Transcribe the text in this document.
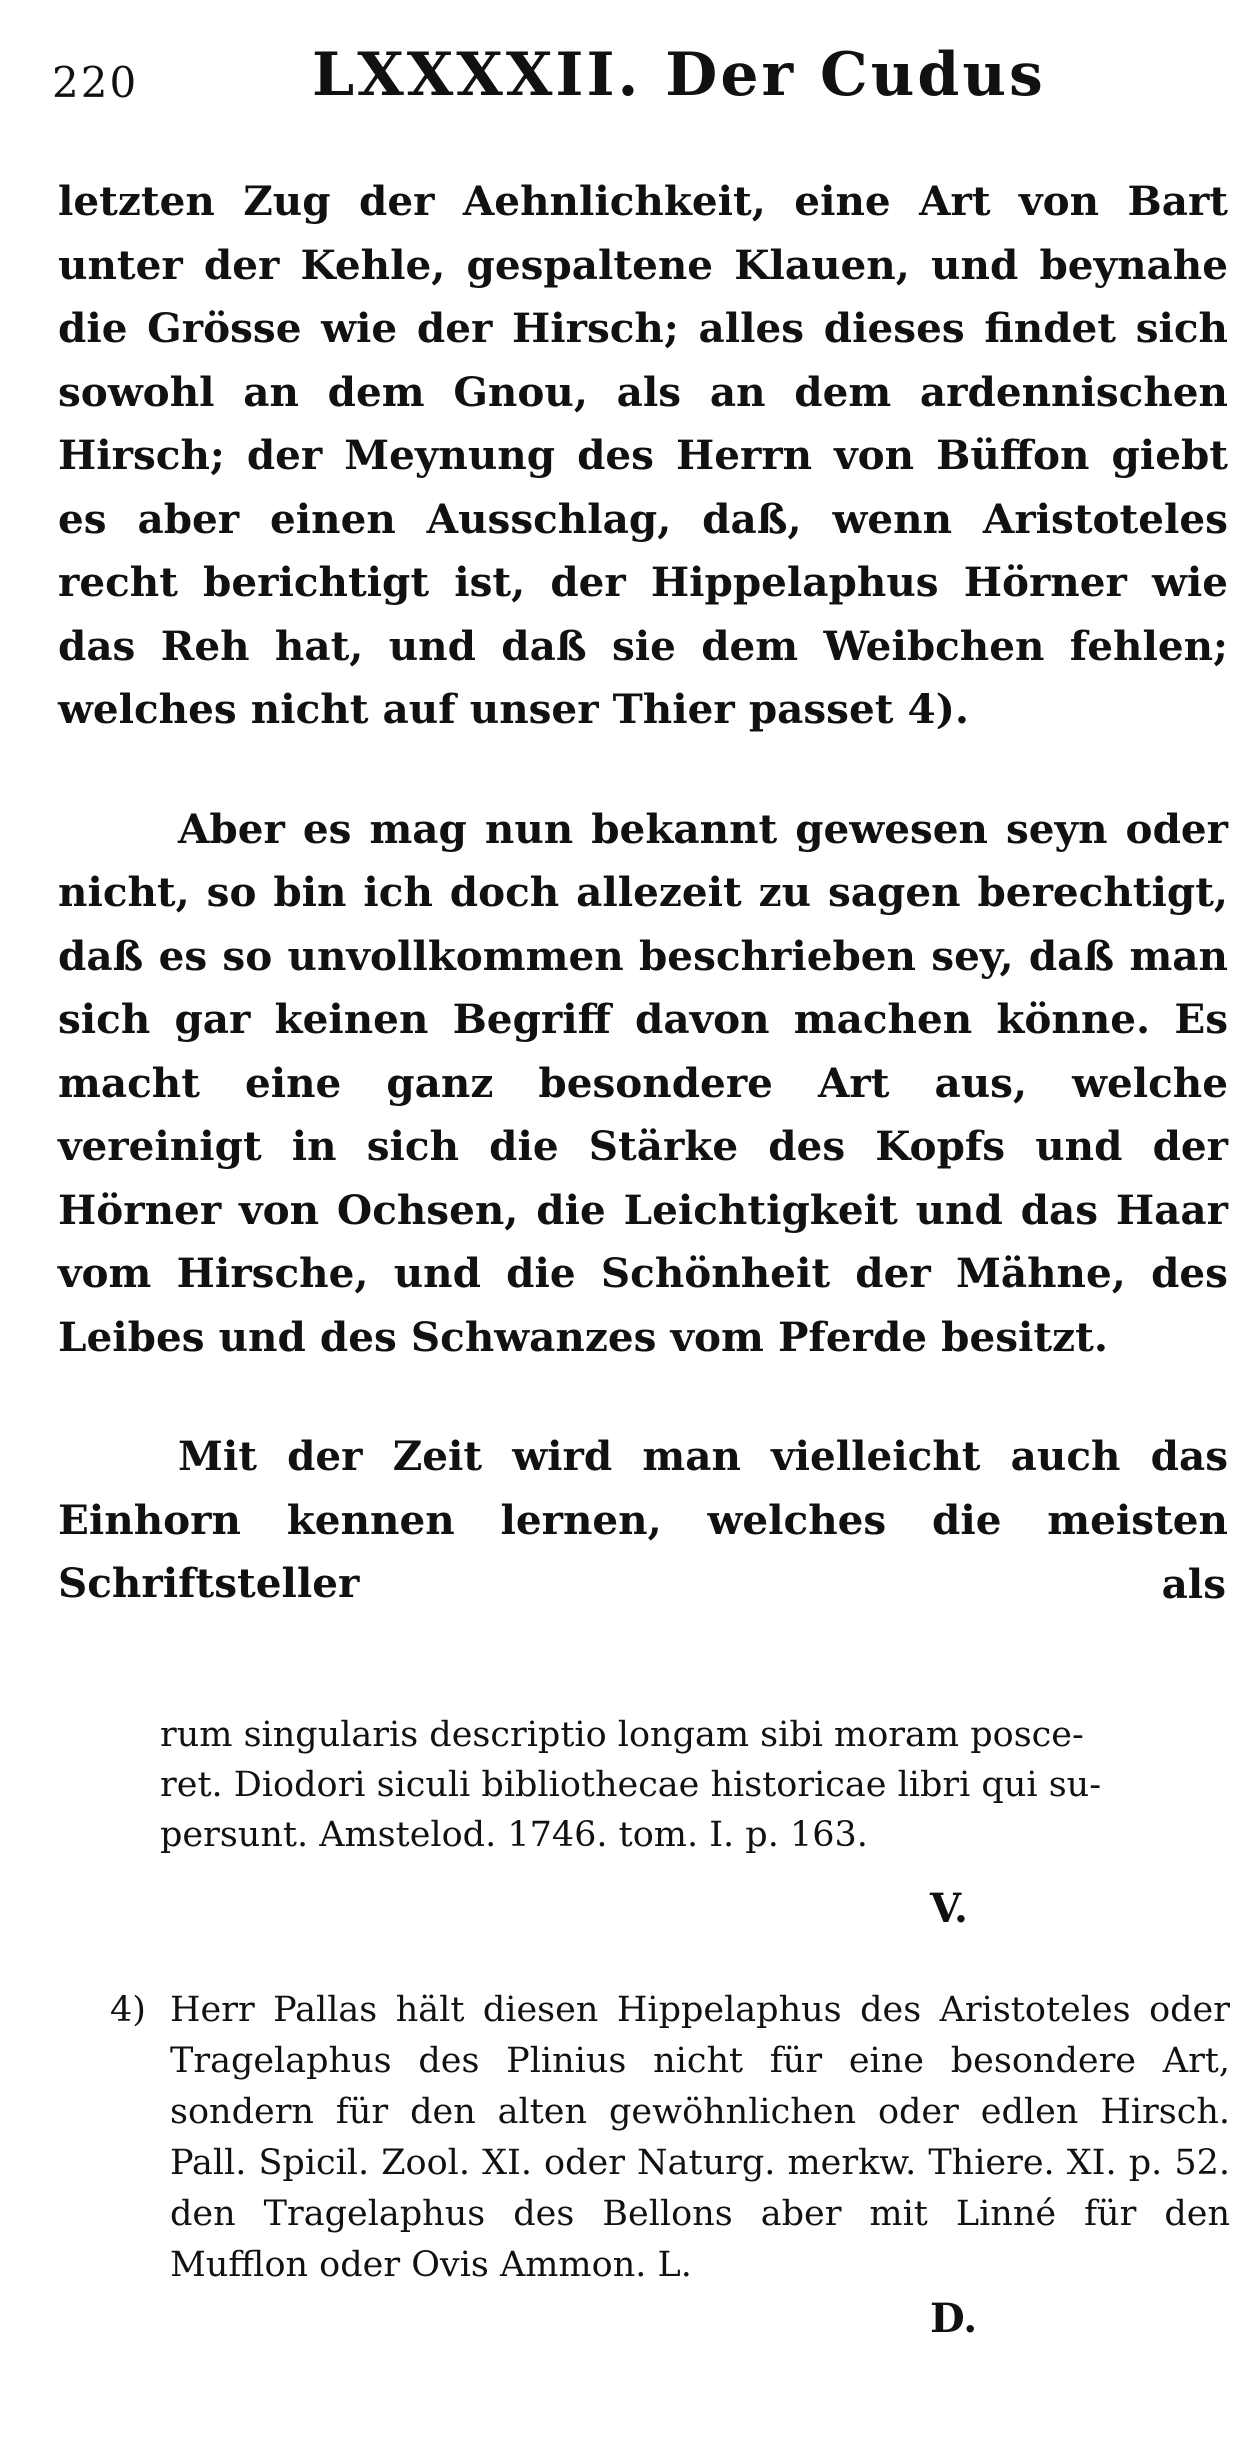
220	LXXXXII. Der Cudus

letzten Zug der Aehnlichkeit, eine Art von Bart unter der Kehle, gespaltene Klauen, und beynahe die Grösse wie der Hirsch; alles dieses findet sich sowohl an dem Gnou, als an dem ardennischen Hirsch; der Meynung des Herrn von Büffon giebt es aber einen Ausschlag, daß, wenn Aristoteles recht berichtigt ist, der Hippelaphus Hörner wie das Reh hat, und daß sie dem Weibchen fehlen; welches nicht auf unser Thier passet 4).

Aber es mag nun bekannt gewesen seyn oder nicht, so bin ich doch allezeit zu sagen berechtigt, daß es so unvollkommen beschrieben sey, daß man sich gar keinen Begriff davon machen könne. Es macht eine ganz besondere Art aus, welche vereinigt in sich die Stärke des Kopfs und der Hörner von Ochsen, die Leichtigkeit und das Haar vom Hirsche, und die Schönheit der Mähne, des Leibes und des Schwanzes vom Pferde besitzt.

Mit der Zeit wird man vielleicht auch das Einhorn kennen lernen, welches die meisten Schriftsteller	als
rum singularis descriptio longam sibi moram posce-
ret. Diodori siculi bibliothecae historicae libri qui su-
persunt. Amstelod. 1746. tom. I. p. 163.
V.
4) Herr Pallas hält diesen Hippelaphus des Aristoteles oder Tragelaphus des Plinius nicht für eine besondere Art, sondern für den alten gewöhnlichen oder edlen Hirsch. Pall. Spicil. Zool. XI. oder Naturg. merkw. Thiere. XI. p. 52. den Tragelaphus des Bellons aber mit Linné für den Mufflon oder Ovis Ammon. L.
D.
